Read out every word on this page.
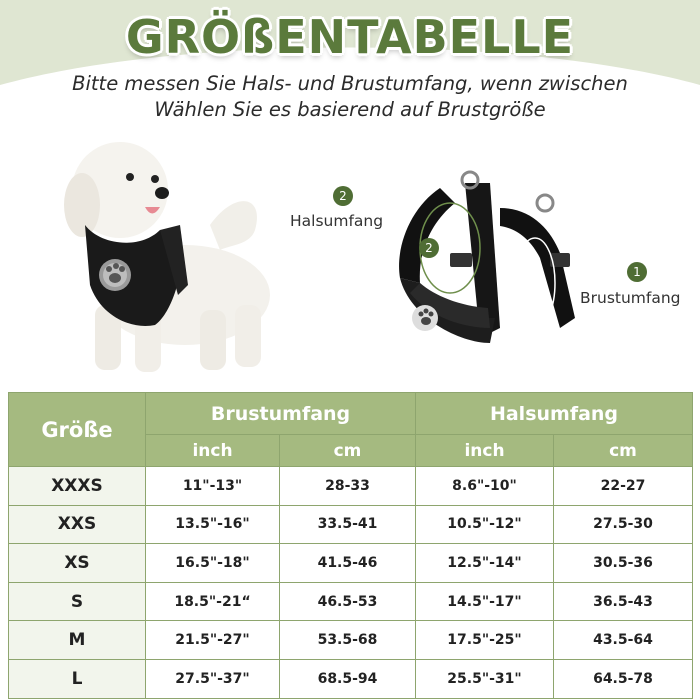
GRÖßENTABELLE
Bitte messen Sie Hals- und Brustumfang, wenn zwischen
Wählen Sie es basierend auf Brustgröße
2
Halsumfang
2
1
Brustumfang
Größe	Brustumfang		Halsumfang	
	inch	cm	inch	cm
XXXS	11"-13"	28-33	8.6"-10"	22-27
XXS	13.5"-16"	33.5-41	10.5"-12"	27.5-30
XS	16.5"-18"	41.5-46	12.5"-14"	30.5-36
S	18.5"-21“	46.5-53	14.5"-17"	36.5-43
M	21.5"-27"	53.5-68	17.5"-25"	43.5-64
L	27.5"-37"	68.5-94	25.5"-31"	64.5-78
